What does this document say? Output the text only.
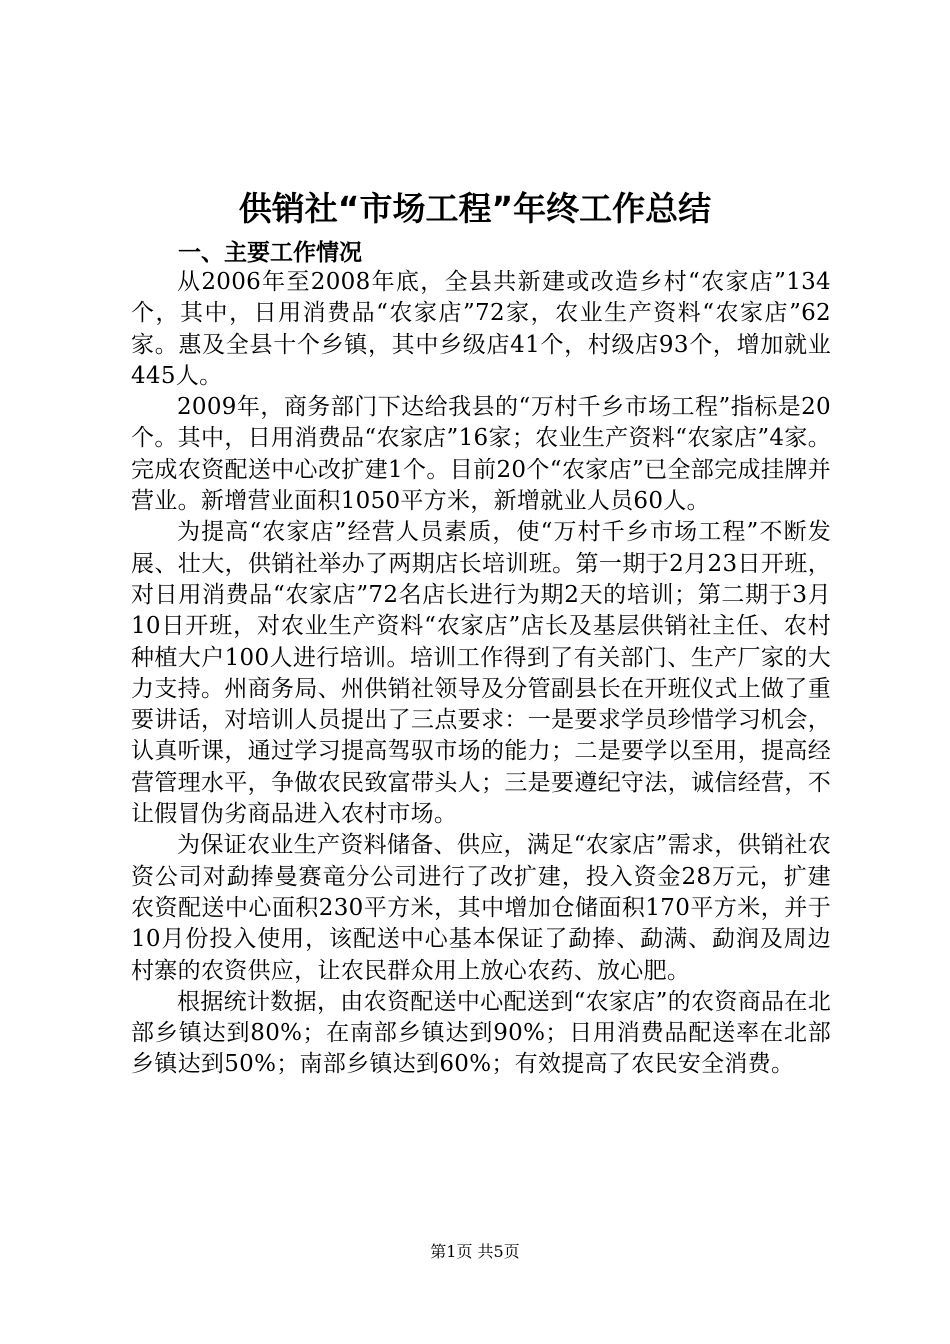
供销社“市场工程”年终工作总结
一、主要工作情况

从2006年至2008年底，全县共新建或改造乡村“农家店”134个，其中，日用消费品“农家店”72家，农业生产资料“农家店”62家。惠及全县十个乡镇，其中乡级店41个，村级店93个，增加就业445人。

2009年，商务部门下达给我县的“万村千乡市场工程”指标是20个。其中，日用消费品“农家店”16家；农业生产资料“农家店”4家。完成农资配送中心改扩建1个。目前20个“农家店”已全部完成挂牌并营业。新增营业面积1050平方米，新增就业人员60人。

为提高“农家店”经营人员素质，使“万村千乡市场工程”不断发展、壮大，供销社举办了两期店长培训班。第一期于2月23日开班，对日用消费品“农家店”72名店长进行为期2天的培训；第二期于3月10日开班，对农业生产资料“农家店”店长及基层供销社主任、农村种植大户100人进行培训。培训工作得到了有关部门、生产厂家的大力支持。州商务局、州供销社领导及分管副县长在开班仪式上做了重要讲话，对培训人员提出了三点要求：一是要求学员珍惜学习机会，认真听课，通过学习提高驾驭市场的能力；二是要学以至用，提高经营管理水平，争做农民致富带头人；三是要遵纪守法，诚信经营，不让假冒伪劣商品进入农村市场。

为保证农业生产资料储备、供应，满足“农家店”需求，供销社农资公司对勐捧曼赛竜分公司进行了改扩建，投入资金28万元，扩建农资配送中心面积230平方米，其中增加仓储面积170平方米，并于10月份投入使用，该配送中心基本保证了勐捧、勐满、勐润及周边村寨的农资供应，让农民群众用上放心农药、放心肥。

根据统计数据，由农资配送中心配送到“农家店”的农资商品在北部乡镇达到80%；在南部乡镇达到90%；日用消费品配送率在北部乡镇达到50%；南部乡镇达到60%；有效提高了农民安全消费。

第1页 共5页
